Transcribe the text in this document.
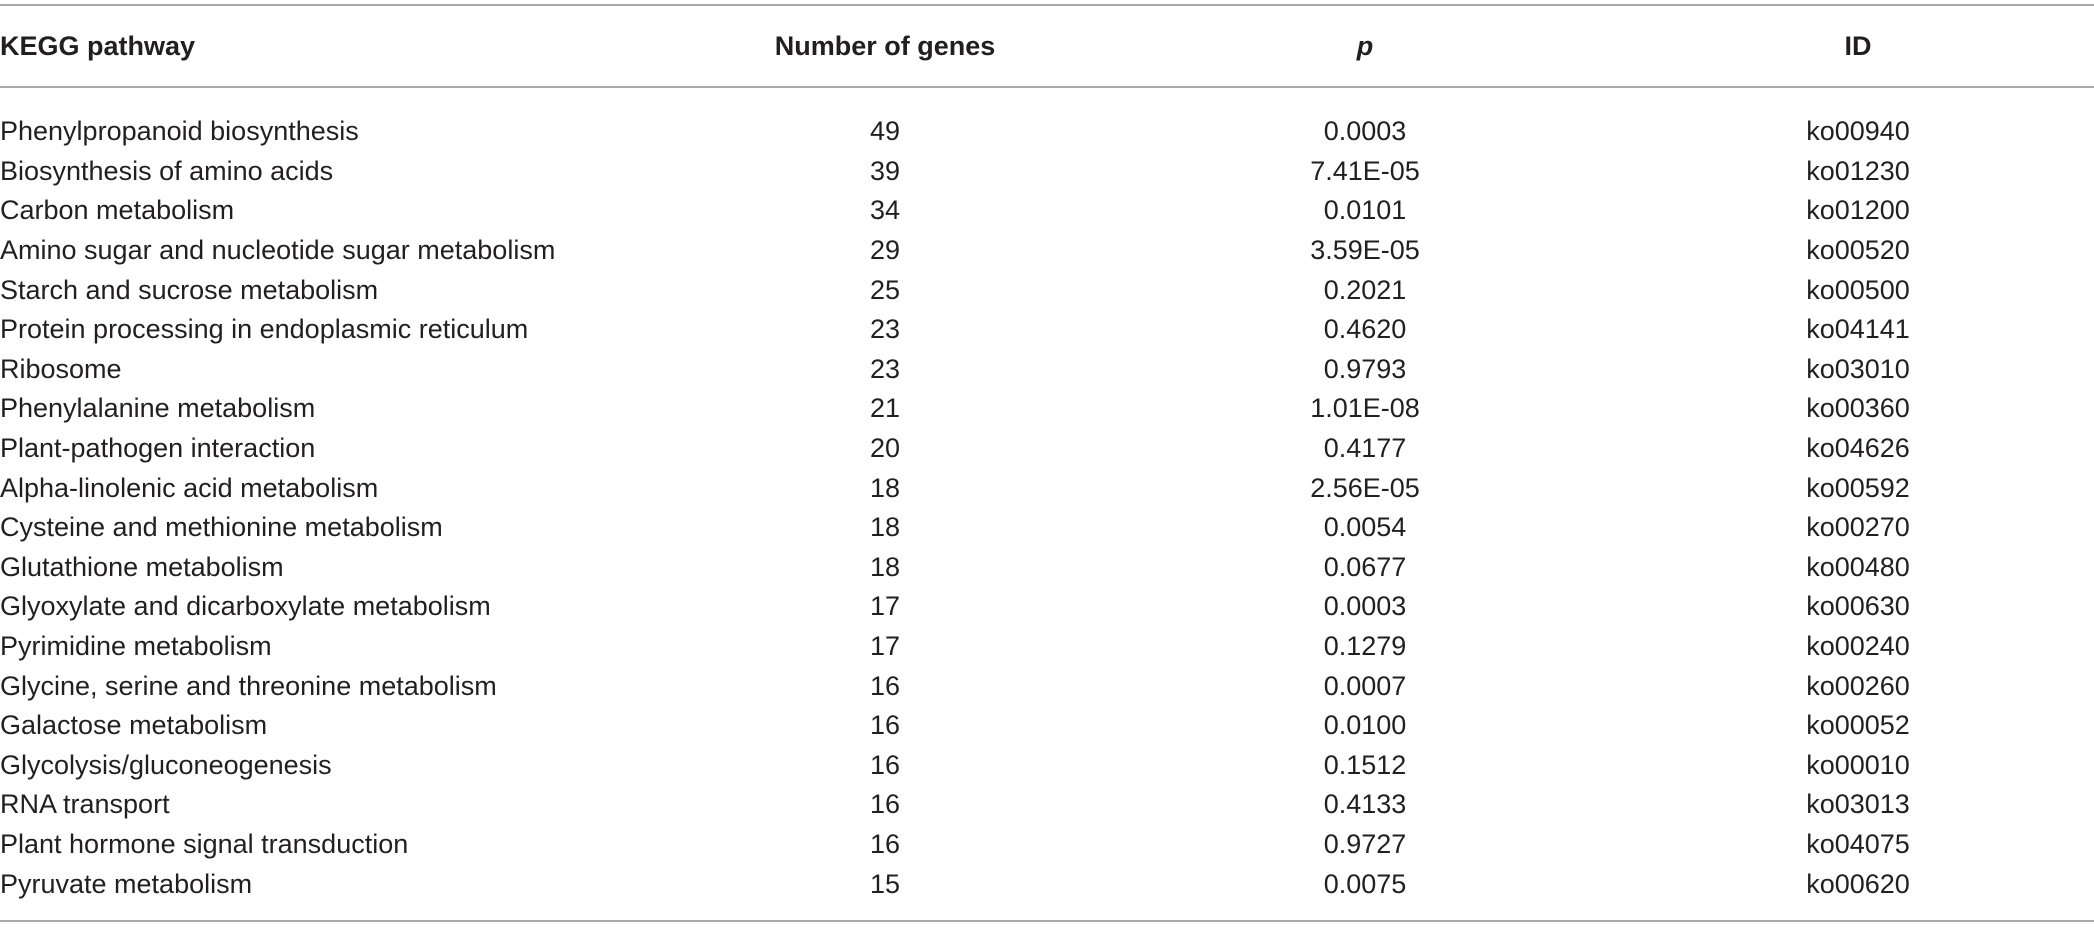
KEGG pathway	Number of genes	p	ID
Phenylpropanoid biosynthesis	49	0.0003	ko00940
Biosynthesis of amino acids	39	7.41E-05	ko01230
Carbon metabolism	34	0.0101	ko01200
Amino sugar and nucleotide sugar metabolism	29	3.59E-05	ko00520
Starch and sucrose metabolism	25	0.2021	ko00500
Protein processing in endoplasmic reticulum	23	0.4620	ko04141
Ribosome	23	0.9793	ko03010
Phenylalanine metabolism	21	1.01E-08	ko00360
Plant-pathogen interaction	20	0.4177	ko04626
Alpha-linolenic acid metabolism	18	2.56E-05	ko00592
Cysteine and methionine metabolism	18	0.0054	ko00270
Glutathione metabolism	18	0.0677	ko00480
Glyoxylate and dicarboxylate metabolism	17	0.0003	ko00630
Pyrimidine metabolism	17	0.1279	ko00240
Glycine, serine and threonine metabolism	16	0.0007	ko00260
Galactose metabolism	16	0.0100	ko00052
Glycolysis/gluconeogenesis	16	0.1512	ko00010
RNA transport	16	0.4133	ko03013
Plant hormone signal transduction	16	0.9727	ko04075
Pyruvate metabolism	15	0.0075	ko00620
